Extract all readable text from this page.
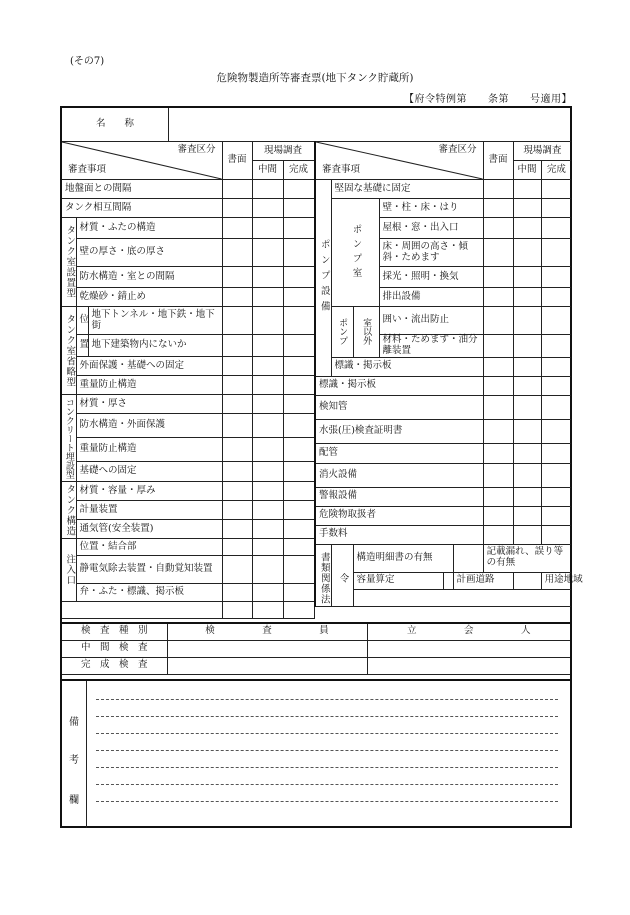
(その7)
危険物製造所等審査票(地下タンク貯蔵所)
【府令特例第　　条第　　号適用】
名　　称	
審査区分
審査事項			書面	現場調査	
				中間	完成
地盤面との間隔					
タンク相互間隔					
タンク室設置型	材質・ふたの構造				
	壁の厚さ・底の厚さ				
	防水構造・室との間隔				
	乾燥砂・錆止め				
タンク室省略型	位	地下トンネル・地下鉄・地下街			
	置	地下建築物内にないか			
	外面保護・基礎への固定				
	重量防止構造				
コンクリート埋設型	材質・厚さ				
	防水構造・外面保護				
	重量防止構造				
	基礎への固定				
タンク構造	材質・容量・厚み				
	計量装置				
	通気管(安全装置)				
注入口	位置・結合部				
	静電気除去装置・自動覚知装置				
	弁・ふた・標識、掲示板				

審査区分
審査事項						書面	現場調査	
							中間	完成
ポンプ設備	堅固な基礎に固定							
	ポンプ室		壁・柱・床・はり					
			屋根・窓・出入口					
			床・周囲の高さ・傾斜・ためます					
			採光・照明・換気					
			排出設備					
	ポンプ	室以外	囲い・流出防止					
			材料・ためます・油分離装置					
	標識・掲示板							

標識・掲示板								
検知管								
水張(圧)検査証明書								
配管								
消火設備								
警報設備								
危険物取扱者								
手数料								
書類関係法	令	構造明細書の有無				記載漏れ、誤り等の有無		
		容量算定			計画道路			用途地域

検　査　種　別	検　　　　　査　　　　　員	立　　　　　会　　　　　人
中　間　検　査		
完　成　検　査		
備
考
欄
